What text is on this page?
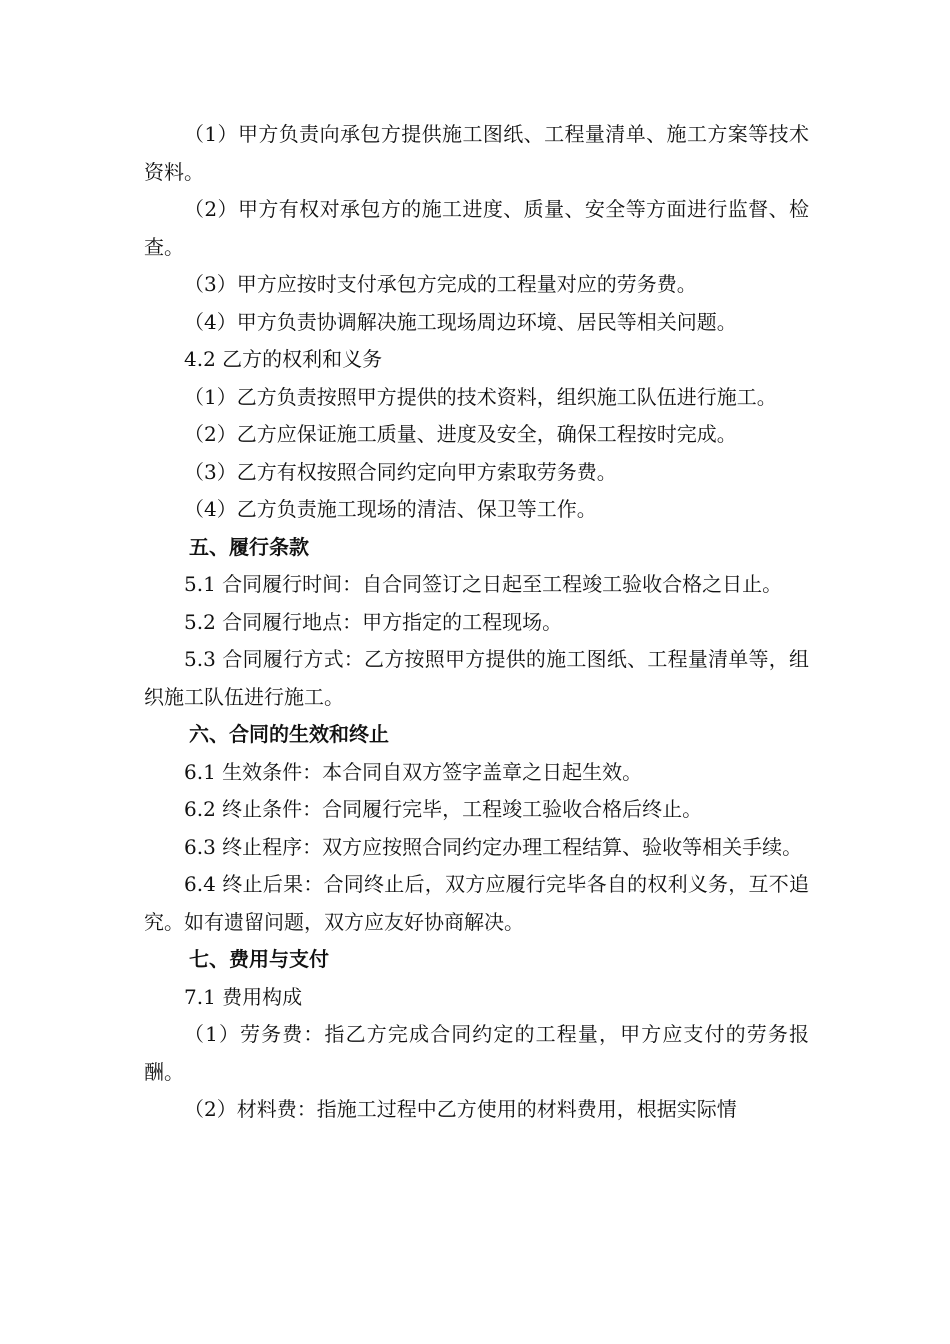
（1）甲方负责向承包方提供施工图纸、工程量清单、施工方案等技术资料。

（2）甲方有权对承包方的施工进度、质量、安全等方面进行监督、检查。

（3）甲方应按时支付承包方完成的工程量对应的劳务费。

（4）甲方负责协调解决施工现场周边环境、居民等相关问题。

4.2 乙方的权利和义务

（1）乙方负责按照甲方提供的技术资料，组织施工队伍进行施工。

（2）乙方应保证施工质量、进度及安全，确保工程按时完成。

（3）乙方有权按照合同约定向甲方索取劳务费。

（4）乙方负责施工现场的清洁、保卫等工作。

五、履行条款

5.1 合同履行时间：自合同签订之日起至工程竣工验收合格之日止。

5.2 合同履行地点：甲方指定的工程现场。

5.3 合同履行方式：乙方按照甲方提供的施工图纸、工程量清单等，组织施工队伍进行施工。

六、合同的生效和终止

6.1 生效条件：本合同自双方签字盖章之日起生效。

6.2 终止条件：合同履行完毕，工程竣工验收合格后终止。

6.3 终止程序：双方应按照合同约定办理工程结算、验收等相关手续。

6.4 终止后果：合同终止后，双方应履行完毕各自的权利义务，互不追究。如有遗留问题，双方应友好协商解决。

七、费用与支付

7.1 费用构成

（1）劳务费：指乙方完成合同约定的工程量，甲方应支付的劳务报酬。

（2）材料费：指施工过程中乙方使用的材料费用，根据实际情
